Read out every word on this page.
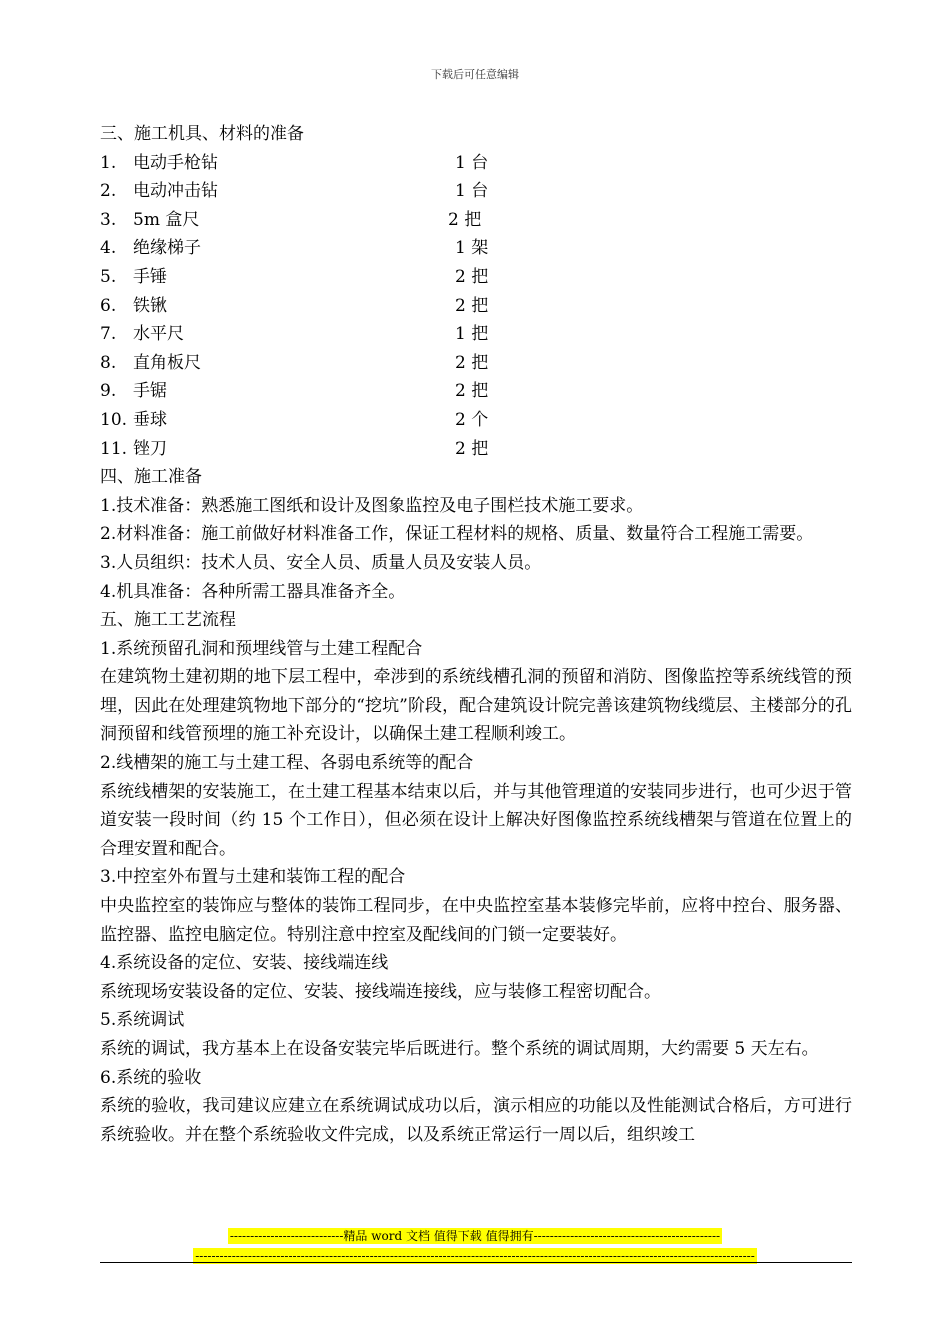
下载后可任意编辑
三、施工机具、材料的准备
1. 电动手枪钻	1 台
2. 电动冲击钻	1 台
3. 5m 盒尺	2 把
4. 绝缘梯子	1 架
5. 手锤	2 把
6. 铁锹	2 把
7. 水平尺	1 把
8. 直角板尺	2 把
9. 手锯	2 把
10. 垂球	2 个
11. 锉刀	2 把
四、施工准备
1.技术准备：熟悉施工图纸和设计及图象监控及电子围栏技术施工要求。
2.材料准备：施工前做好材料准备工作，保证工程材料的规格、质量、数量符合工程施工需要。
3.人员组织：技术人员、安全人员、质量人员及安装人员。
4.机具准备：各种所需工器具准备齐全。
五、施工工艺流程
1.系统预留孔洞和预埋线管与土建工程配合
在建筑物土建初期的地下层工程中，牵涉到的系统线槽孔洞的预留和消防、图像监控等系统线管的预埋，因此在处理建筑物地下部分的“挖坑”阶段，配合建筑设计院完善该建筑物线缆层、主楼部分的孔洞预留和线管预埋的施工补充设计，以确保土建工程顺利竣工。
2.线槽架的施工与土建工程、各弱电系统等的配合
系统线槽架的安装施工，在土建工程基本结束以后，并与其他管理道的安装同步进行，也可少迟于管道安装一段时间（约 15 个工作日），但必须在设计上解决好图像监控系统线槽架与管道在位置上的合理安置和配合。
3.中控室外布置与土建和装饰工程的配合
中央监控室的装饰应与整体的装饰工程同步，在中央监控室基本装修完毕前，应将中控台、服务器、监控器、监控电脑定位。特别注意中控室及配线间的门锁一定要装好。
4.系统设备的定位、安装、接线端连线
系统现场安装设备的定位、安装、接线端连接线，应与装修工程密切配合。
5.系统调试
系统的调试，我方基本上在设备安装完毕后既进行。整个系统的调试周期，大约需要 5 天左右。
6.系统的验收
系统的验收，我司建议应建立在系统调试成功以后，演示相应的功能以及性能测试合格后，方可进行系统验收。并在整个系统验收文件完成，以及系统正常运行一周以后，组织竣工
----------------------------精品 word 文档 值得下载 值得拥有----------------------------------------------
------------------------------------------------------------------------------------------------------------------------------------------
